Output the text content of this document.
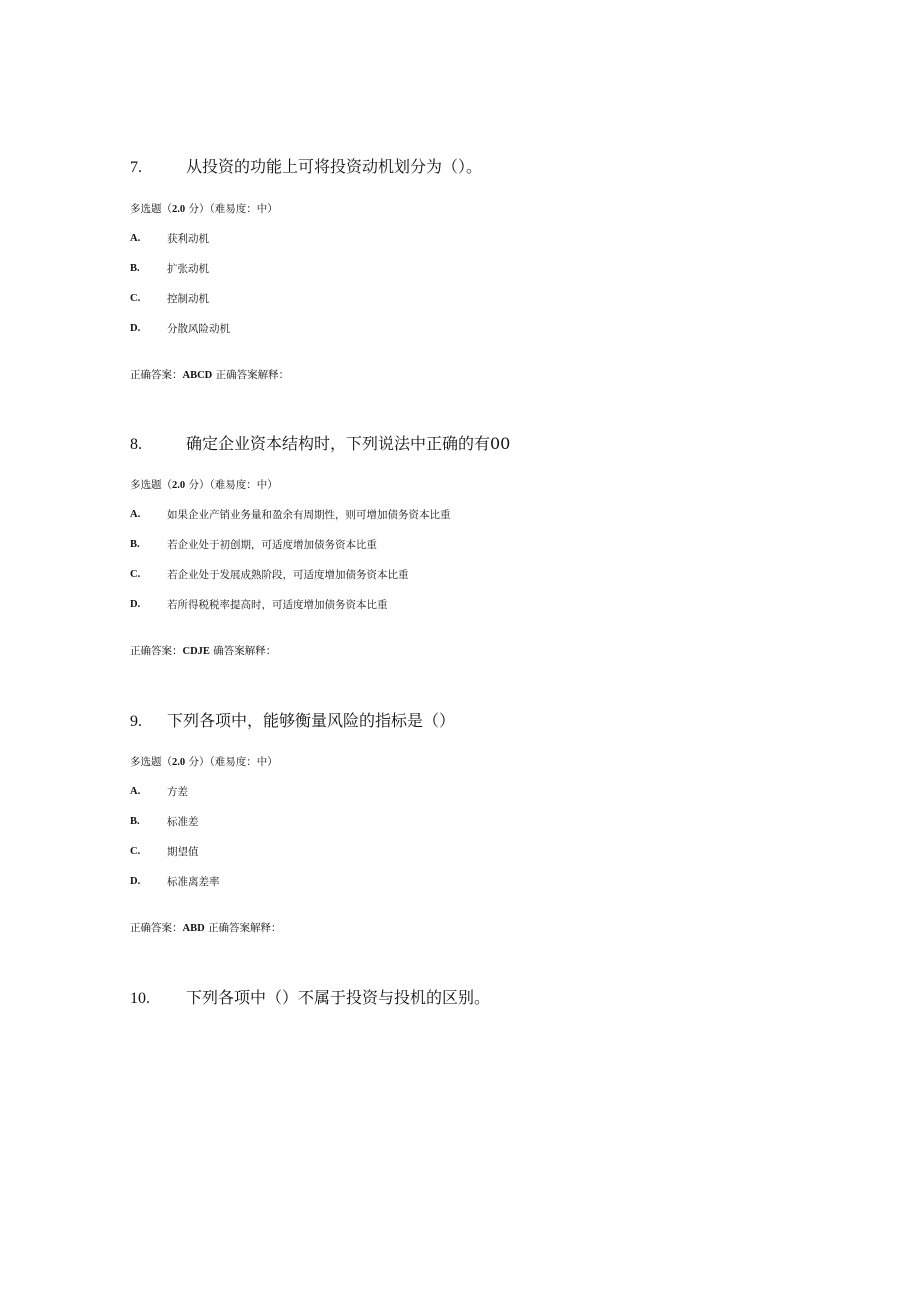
7.	从投资的功能上可将投资动机划分为（）。
多选题（2.0 分）（难易度：中）
A.	获利动机
B.	扩张动机
C.	控制动机
D.	分散风险动机
正确答案：ABCD 正确答案解释：
8.	确定企业资本结构时，下列说法中正确的有00
多选题（2.0 分）（难易度：中）
A.	如果企业产销业务量和盈余有周期性，则可增加债务资本比重
B.	若企业处于初创期，可适度增加债务资本比重
C.	若企业处于发展成熟阶段，可适度增加债务资本比重
D.	若所得税税率提高时，可适度增加债务资本比重
正确答案：CDJE 确答案解释：
9. 下列各项中，能够衡量风险的指标是（）
多选题（2.0 分）（难易度：中）
A.	方差
B.	标准差
C.	期望值
D.	标准离差率
正确答案：ABD 正确答案解释：
10. 下列各项中（）不属于投资与投机的区别。
